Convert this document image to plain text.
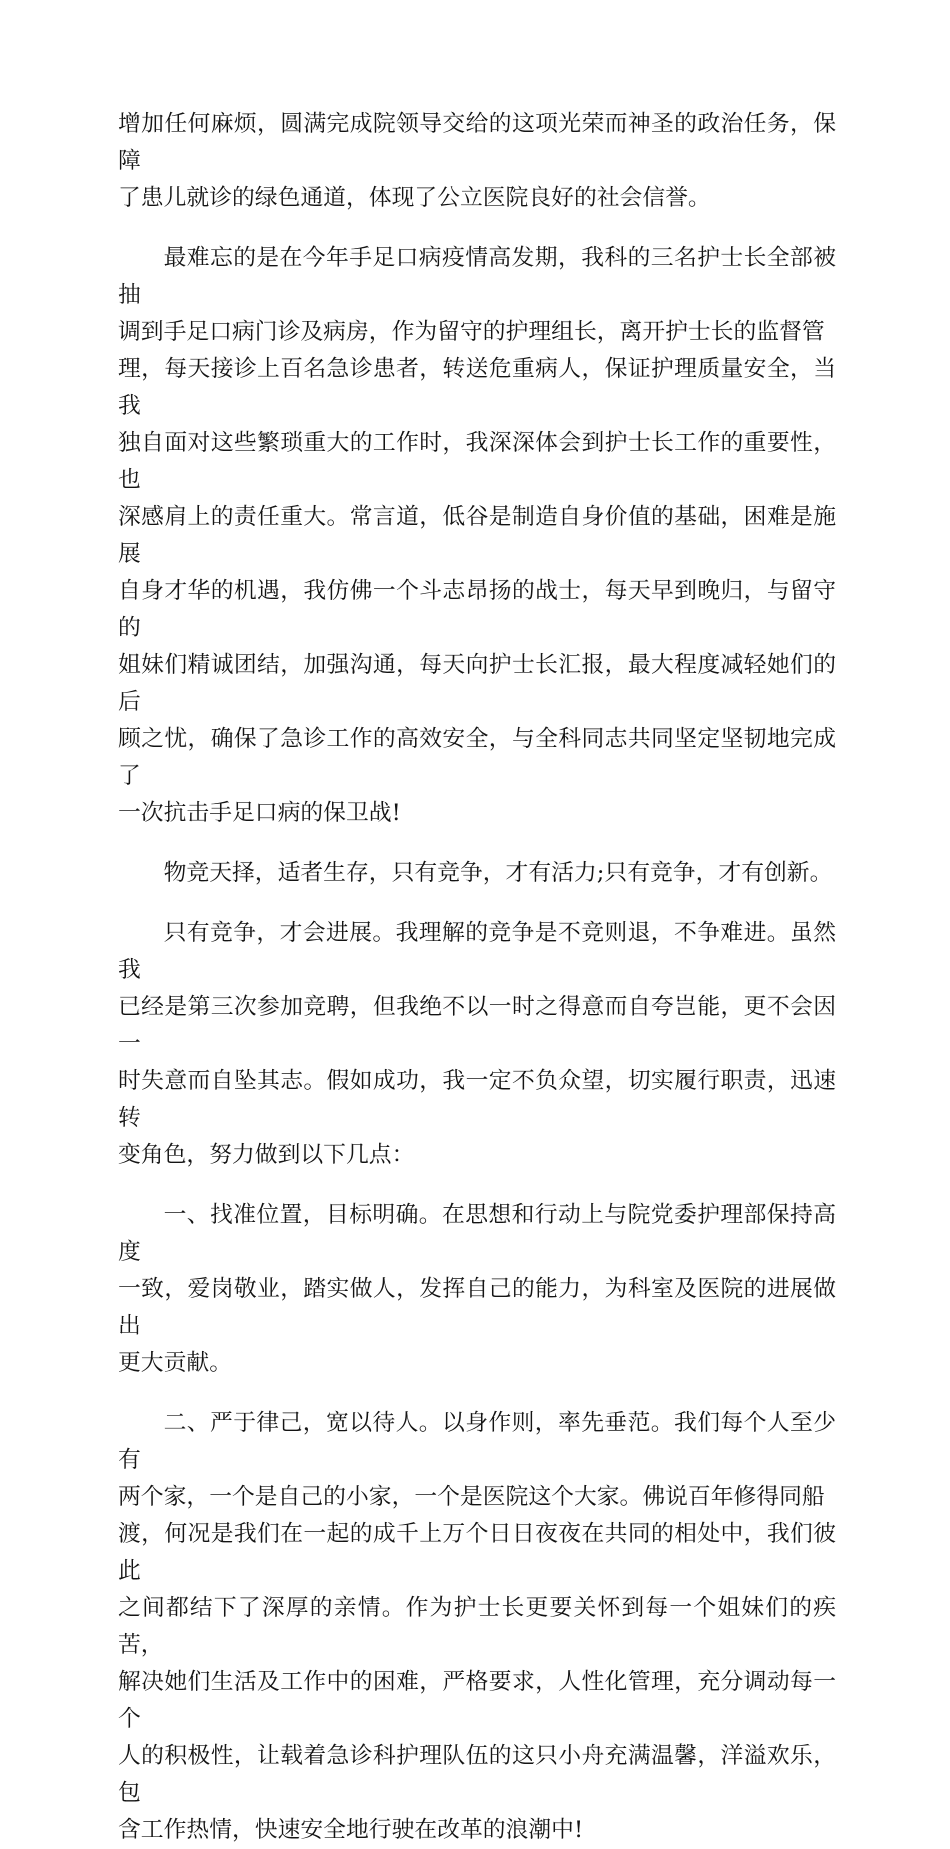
增加任何麻烦，圆满完成院领导交给的这项光荣而神圣的政治任务，保障
了患儿就诊的绿色通道，体现了公立医院良好的社会信誉。

最难忘的是在今年手足口病疫情高发期，我科的三名护士长全部被抽
调到手足口病门诊及病房，作为留守的护理组长，离开护士长的监督管
理，每天接诊上百名急诊患者，转送危重病人，保证护理质量安全，当我
独自面对这些繁琐重大的工作时，我深深体会到护士长工作的重要性，也
深感肩上的责任重大。常言道，低谷是制造自身价值的基础，困难是施展
自身才华的机遇，我仿佛一个斗志昂扬的战士，每天早到晚归，与留守的
姐妹们精诚团结，加强沟通，每天向护士长汇报，最大程度减轻她们的后
顾之忧，确保了急诊工作的高效安全，与全科同志共同坚定坚韧地完成了
一次抗击手足口病的保卫战!

物竞天择，适者生存，只有竞争，才有活力;只有竞争，才有创新。

只有竞争，才会进展。我理解的竞争是不竞则退，不争难进。虽然我
已经是第三次参加竞聘，但我绝不以一时之得意而自夸岂能，更不会因一
时失意而自坠其志。假如成功，我一定不负众望，切实履行职责，迅速转
变角色，努力做到以下几点：

一、找准位置，目标明确。在思想和行动上与院党委护理部保持高度
一致，爱岗敬业，踏实做人，发挥自己的能力，为科室及医院的进展做出
更大贡献。

二、严于律己，宽以待人。以身作则，率先垂范。我们每个人至少有
两个家，一个是自己的小家，一个是医院这个大家。佛说百年修得同船
渡，何况是我们在一起的成千上万个日日夜夜在共同的相处中，我们彼此
之间都结下了深厚的亲情。作为护士长更要关怀到每一个姐妹们的疾苦，
解决她们生活及工作中的困难，严格要求，人性化管理，充分调动每一个
人的积极性，让载着急诊科护理队伍的这只小舟充满温馨，洋溢欢乐，包
含工作热情，快速安全地行驶在改革的浪潮中!
